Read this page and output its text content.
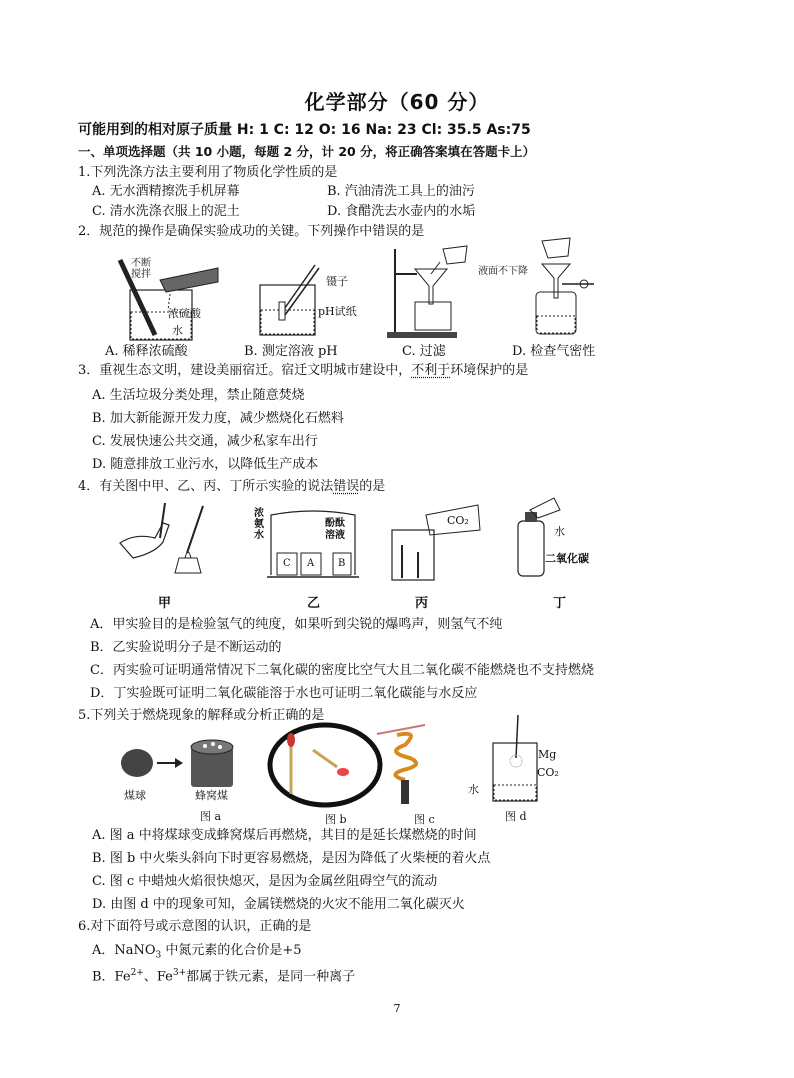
化学部分（60 分）
可能用到的相对原子质量 H: 1 C: 12 O: 16 Na: 23 Cl: 35.5 As:75
一、单项选择题（共 10 小题，每题 2 分，计 20 分，将正确答案填在答题卡上）
1.下列洗涤方法主要利用了物质化学性质的是
A. 无水酒精擦洗手机屏幕	B. 汽油清洗工具上的油污
C. 清水洗涤衣服上的泥土	D. 食醋洗去水壶内的水垢
2．规范的操作是确保实验成功的关键。下列操作中错误的是
不断
搅拌
浓硫酸
水
镊子
pH试纸
液面不下降
A. 稀释浓硫酸	B. 测定溶液 pH	C. 过滤	D. 检查气密性
3．重视生态文明，建设美丽宿迁。宿迁文明城市建设中，不利于环境保护的是
A. 生活垃圾分类处理，禁止随意焚烧
B. 加大新能源开发力度，减少燃烧化石燃料
C. 发展快速公共交通，减少私家车出行
D. 随意排放工业污水，以降低生产成本
4．有关图中甲、乙、丙、丁所示实验的说法错误的是
甲
浓
氨
水
酚酞
溶液
C A B
乙
CO₂
丙
水
二氧化碳
丁
A．甲实验目的是检验氢气的纯度，如果听到尖锐的爆鸣声，则氢气不纯
B．乙实验说明分子是不断运动的
C．丙实验可证明通常情况下二氧化碳的密度比空气大且二氧化碳不能燃烧也不支持燃烧
D．丁实验既可证明二氧化碳能溶于水也可证明二氧化碳能与水反应
5.下列关于燃烧现象的解释或分析正确的是
煤球	蜂窝煤
图 a	图 b	图 c
Mg
CO₂
水
图 d
A. 图 a 中将煤球变成蜂窝煤后再燃烧，其目的是延长煤燃烧的时间
B. 图 b 中火柴头斜向下时更容易燃烧，是因为降低了火柴梗的着火点
C. 图 c 中蜡烛火焰很快熄灭，是因为金属丝阻碍空气的流动
D. 由图 d 中的现象可知，金属镁燃烧的火灾不能用二氧化碳灭火
6.对下面符号或示意图的认识，正确的是
A．NaNO$_3$ 中氮元素的化合价是+5
B．$Fe^{2+}$、$Fe^{3+}$都属于铁元素，是同一种离子
7
